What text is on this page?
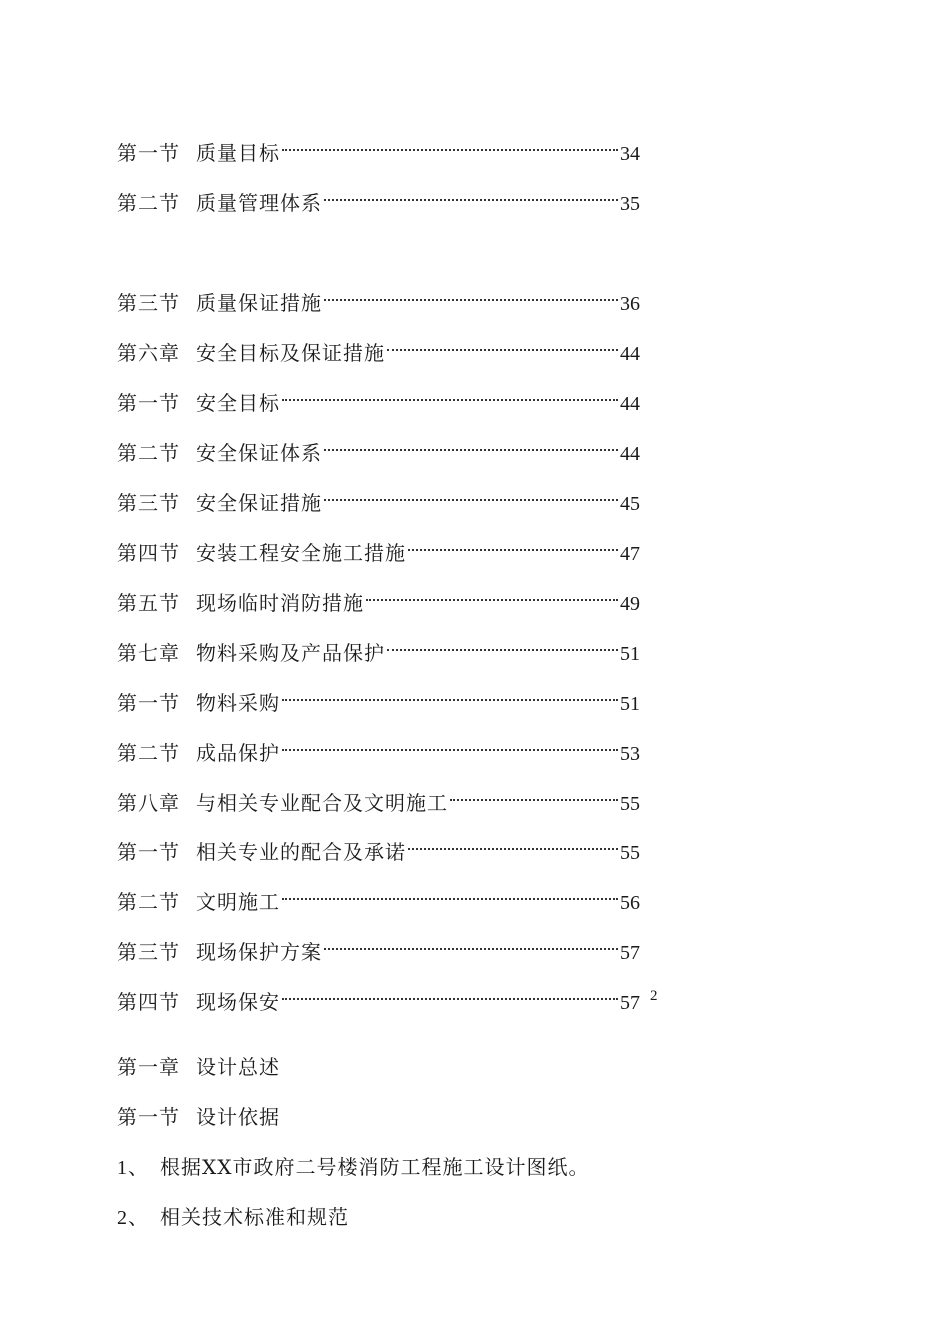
第一节 质量目标	34
第二节 质量管理体系	35
第三节 质量保证措施	36
第六章 安全目标及保证措施	44
第一节 安全目标	44
第二节 安全保证体系	44
第三节 安全保证措施	45
第四节 安装工程安全施工措施	47
第五节 现场临时消防措施	49
第七章 物料采购及产品保护	51
第一节 物料采购	51
第二节 成品保护	53
第八章 与相关专业配合及文明施工	55
第一节 相关专业的配合及承诺	55
第二节 文明施工	56
第三节 现场保护方案	57
第四节 现场保安	57 2
第一章 设计总述
第一节 设计依据
1、 根据XX市政府二号楼消防工程施工设计图纸。
2、 相关技术标准和规范
